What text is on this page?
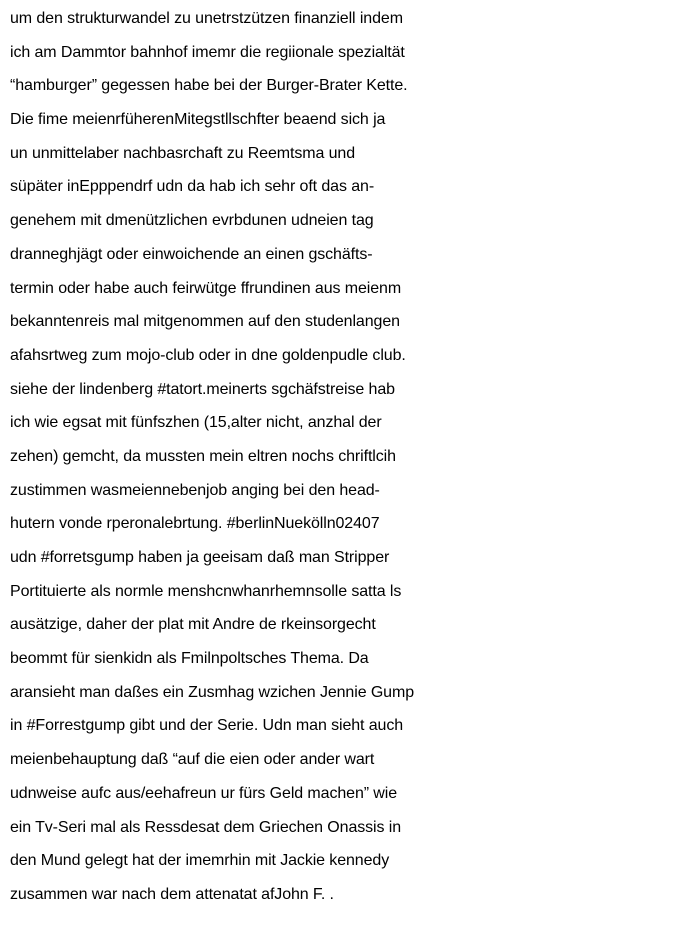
um den strukturwandel zu unetrstzützen finanziell indem
ich am Dammtor bahnhof imemr die regiionale spezialtät
“hamburger” gegessen habe bei der Burger-Brater Kette.
Die fime meienrfüherenMitegstllschfter beaend sich ja
un unmittelaber nachbasrchaft zu Reemtsma und
süpäter inEpppendrf udn da hab ich sehr oft das an-
genehem mit dmenützlichen evrbdunen udneien tag
dranneghjägt oder einwoichende an einen gschäfts-
termin oder habe auch feirwütge ffrundinen aus meienm
bekanntenreis mal mitgenommen auf den studenlangen
afahsrtweg zum mojo-club oder in dne goldenpudle club.
siehe der lindenberg #tatort.meinerts sgchäfstreise hab
ich wie egsat mit fünfszhen (15,alter nicht, anzhal der
zehen) gemcht, da mussten mein eltren nochs chriftlcih
zustimmen wasmeiennebenjob anging bei den head-
hutern vonde rperonalebrtung. #berlinNuekölln02407
udn #forretsgump haben ja geeisam daß man Stripper
Portituierte als normle menshcnwhanrhemnsolle satta ls
ausätzige, daher der plat mit Andre de rkeinsorgecht
beommt für sienkidn als Fmilnpoltsches Thema. Da
aransieht man daßes ein Zusmhag wzichen Jennie Gump
in #Forrestgump gibt und der Serie. Udn man sieht auch
meienbehauptung daß “auf die eien oder ander wart
udnweise aufc aus/eehafreun ur fürs Geld machen” wie
ein Tv-Seri mal als Ressdesat dem Griechen Onassis in
den Mund gelegt hat der imemrhin mit Jackie kennedy
zusammen war nach dem attenatat afJohn F. .
